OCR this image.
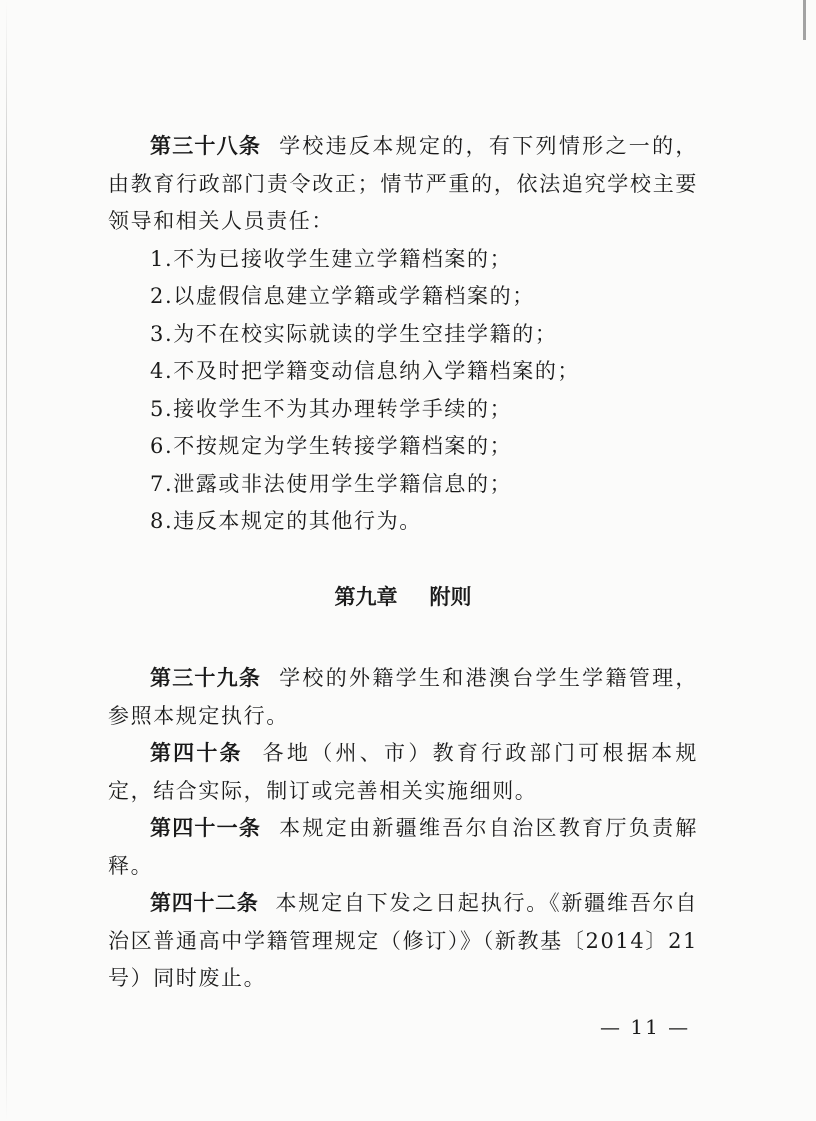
第三十八条 学校违反本规定的，有下列情形之一的，由教育行政部门责令改正；情节严重的，依法追究学校主要领导和相关人员责任：

1.不为已接收学生建立学籍档案的；
2.以虚假信息建立学籍或学籍档案的；
3.为不在校实际就读的学生空挂学籍的；
4.不及时把学籍变动信息纳入学籍档案的；
5.接收学生不为其办理转学手续的；
6.不按规定为学生转接学籍档案的；
7.泄露或非法使用学生学籍信息的；
8.违反本规定的其他行为。
第九章 附则

第三十九条 学校的外籍学生和港澳台学生学籍管理，参照本规定执行。

第四十条 各地（州、市）教育行政部门可根据本规定，结合实际，制订或完善相关实施细则。

第四十一条 本规定由新疆维吾尔自治区教育厅负责解释。

第四十二条 本规定自下发之日起执行。《新疆维吾尔自治区普通高中学籍管理规定（修订）》（新教基〔2014〕21 号）同时废止。

— 11 —
